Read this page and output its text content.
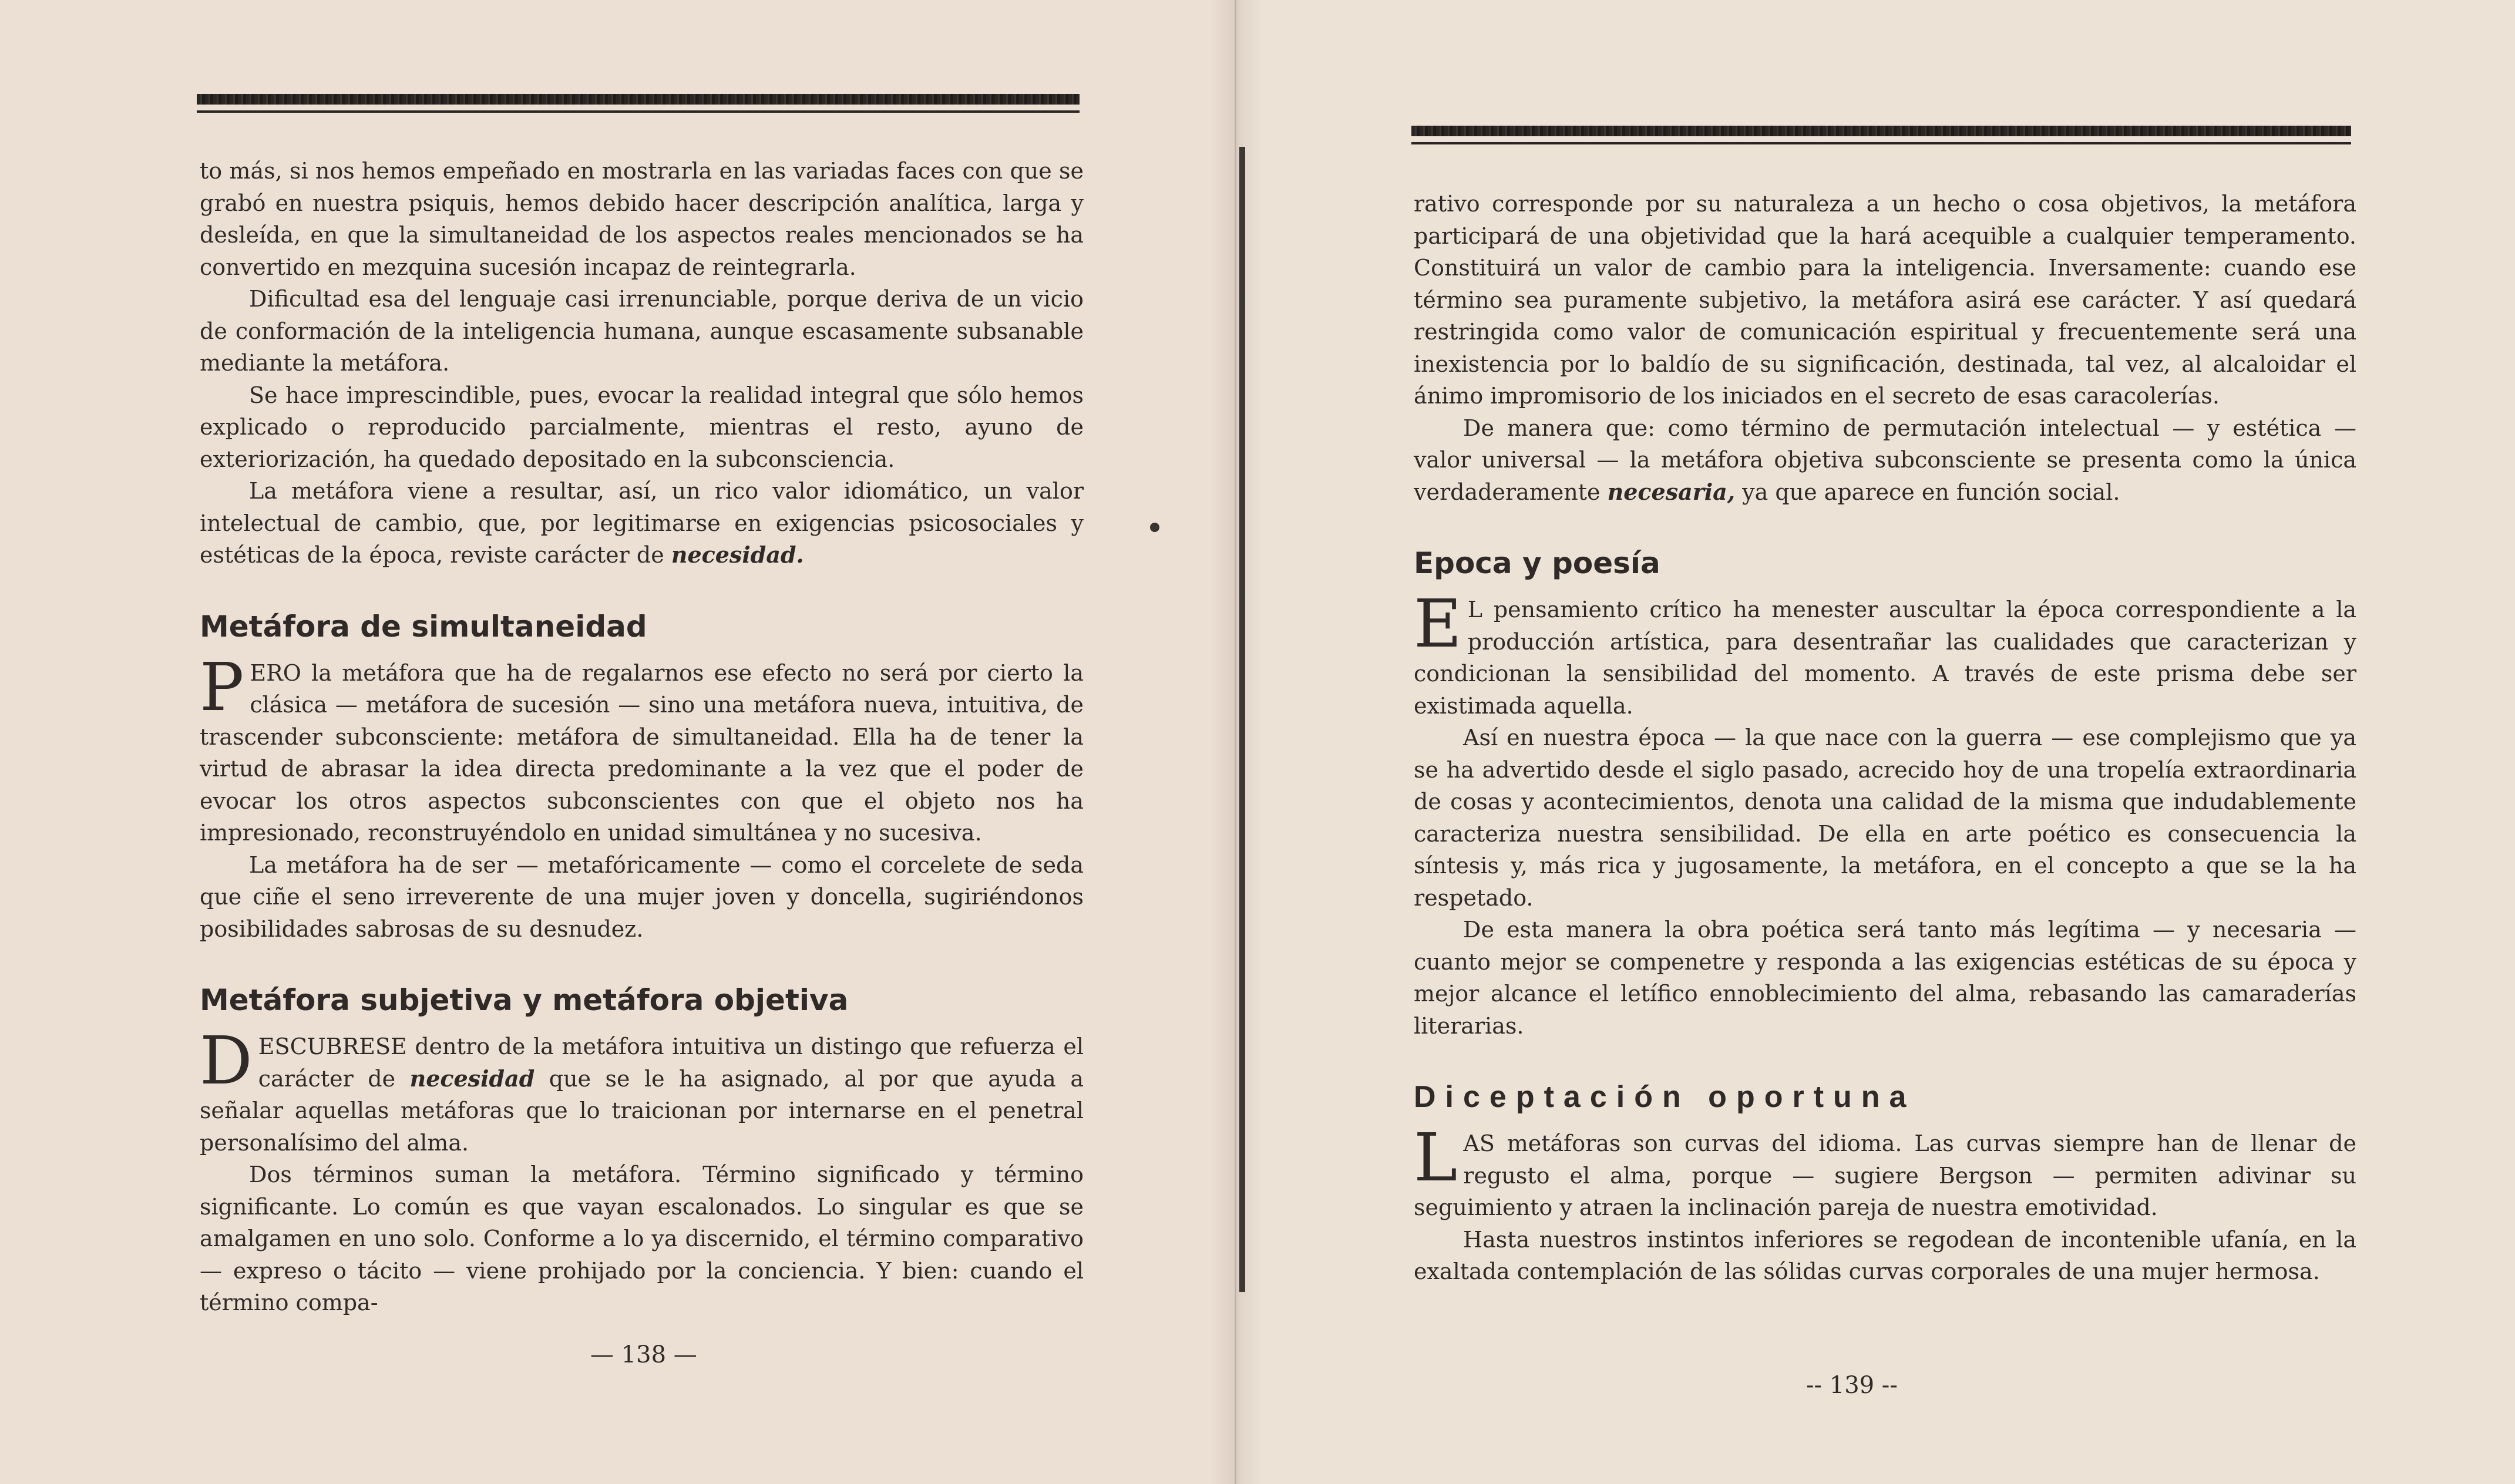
to más, si nos hemos empeñado en mostrarla en las variadas faces con que se grabó en nuestra psiquis, hemos debido hacer descripción analítica, larga y desleída, en que la simultaneidad de los aspectos reales mencionados se ha convertido en mezquina sucesión incapaz de reintegrarla.

Dificultad esa del lenguaje casi irrenunciable, porque deriva de un vicio de conformación de la inteligencia humana, aunque escasamente subsanable mediante la metáfora.

Se hace imprescindible, pues, evocar la realidad integral que sólo hemos explicado o reproducido parcialmente, mientras el resto, ayuno de exteriorización, ha quedado depositado en la subconsciencia.

La metáfora viene a resultar, así, un rico valor idiomático, un valor intelectual de cambio, que, por legitimarse en exigencias psicosociales y estéticas de la época, reviste carácter de necesidad.

Metáfora de simultaneidad

PERO la metáfora que ha de regalarnos ese efecto no será por cierto la clásica — metáfora de sucesión — sino una metáfora nueva, intuitiva, de trascender subconsciente: metáfora de simultaneidad. Ella ha de tener la virtud de abrasar la idea directa predominante a la vez que el poder de evocar los otros aspectos subconscientes con que el objeto nos ha impresionado, reconstruyéndolo en unidad simultánea y no sucesiva.

La metáfora ha de ser — metafóricamente — como el corcelete de seda que ciñe el seno irreverente de una mujer joven y doncella, sugiriéndonos posibilidades sabrosas de su desnudez.

Metáfora subjetiva y metáfora objetiva

DESCUBRESE dentro de la metáfora intuitiva un distingo que refuerza el carácter de necesidad que se le ha asignado, al por que ayuda a señalar aquellas metáforas que lo traicionan por internarse en el penetral personalísimo del alma.

Dos términos suman la metáfora. Término significado y término significante. Lo común es que vayan escalonados. Lo singular es que se amalgamen en uno solo. Conforme a lo ya discernido, el término comparativo — expreso o tácito — viene prohijado por la conciencia. Y bien: cuando el término compa-

— 138 —

rativo corresponde por su naturaleza a un hecho o cosa objetivos, la metáfora participará de una objetividad que la hará acequible a cualquier temperamento. Constituirá un valor de cambio para la inteligencia. Inversamente: cuando ese término sea puramente subjetivo, la metáfora asirá ese carácter. Y así quedará restringida como valor de comunicación espiritual y frecuentemente será una inexistencia por lo baldío de su significación, destinada, tal vez, al alcaloidar el ánimo impromisorio de los iniciados en el secreto de esas caracolerías.

De manera que: como término de permutación intelectual — y estética — valor universal — la metáfora objetiva subconsciente se presenta como la única verdaderamente necesaria, ya que aparece en función social.

Epoca y poesía

E L pensamiento crítico ha menester auscultar la época correspondiente a la producción artística, para desentrañar las cualidades que caracterizan y condicionan la sensibilidad del momento. A través de este prisma debe ser existimada aquella.

Así en nuestra época — la que nace con la guerra — ese complejismo que ya se ha advertido desde el siglo pasado, acrecido hoy de una tropelía extraordinaria de cosas y acontecimientos, denota una calidad de la misma que indudablemente caracteriza nuestra sensibilidad. De ella en arte poético es consecuencia la síntesis y, más rica y jugosamente, la metáfora, en el concepto a que se la ha respetado.

De esta manera la obra poética será tanto más legítima — y necesaria — cuanto mejor se compenetre y responda a las exigencias estéticas de su época y mejor alcance el letífico ennoblecimiento del alma, rebasando las camaraderías literarias.

Diceptación oportuna

LAS metáforas son curvas del idioma. Las curvas siempre han de llenar de regusto el alma, porque — sugiere Bergson — permiten adivinar su seguimiento y atraen la inclinación pareja de nuestra emotividad.

Hasta nuestros instintos inferiores se regodean de incontenible ufanía, en la exaltada contemplación de las sólidas curvas corporales de una mujer hermosa.

-- 139 --
